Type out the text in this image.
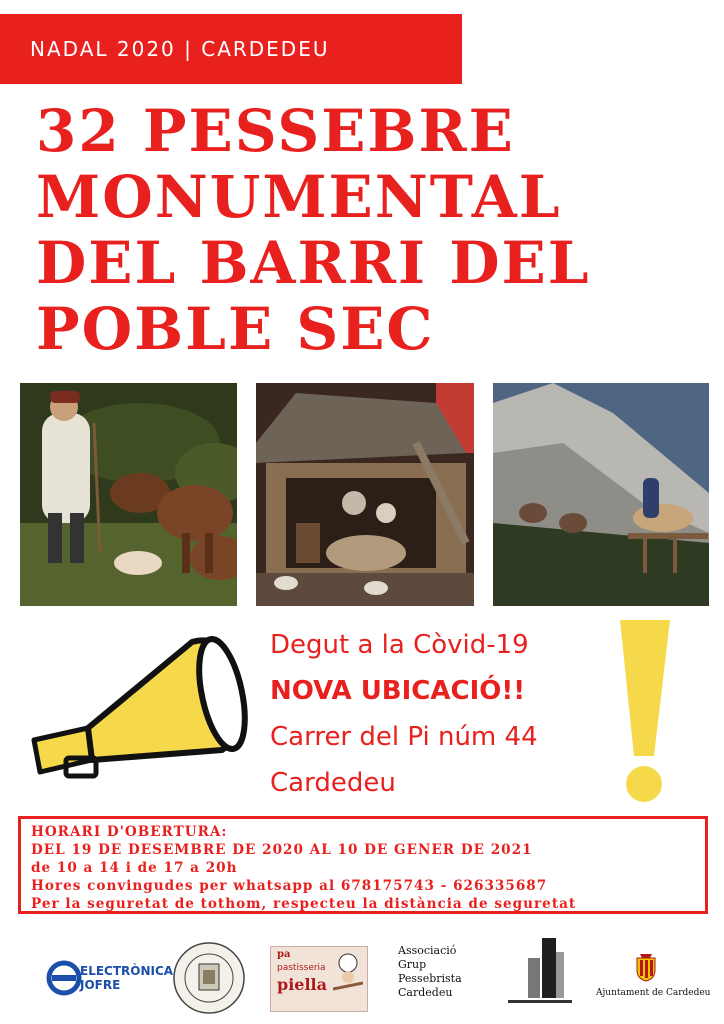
NADAL 2020 | CARDEDEU
32 PESSEBRE
MONUMENTAL
DEL BARRI DEL
POBLE SEC
Degut a la Còvid-19
NOVA UBICACIÓ!!
Carrer del Pi núm 44
Cardedeu
HORARI D'OBERTURA:
DEL 19 DE DESEMBRE DE 2020 AL 10 DE GENER DE 2021
de 10 a 14 i de 17 a 20h
Hores convingudes per whatsapp al 678175743 - 626335687
Per la seguretat de tothom, respecteu la distància de seguretat
ELECTRÒNICA
JOFRE
pa
pastisseria
piella
Associació
Grup
Pessebrista
Cardedeu	Ajuntament de Cardedeu
